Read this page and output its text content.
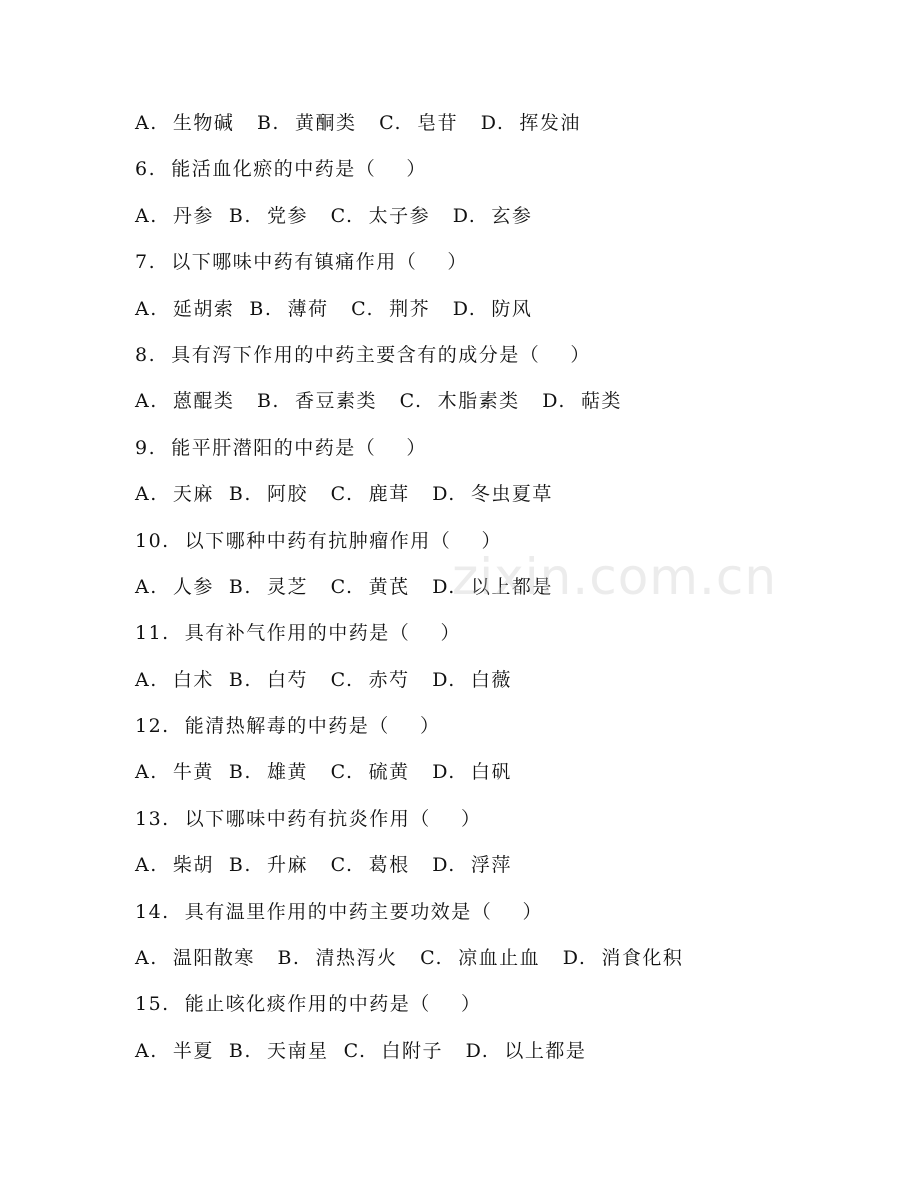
A.  生物碱   B.  黄酮类   C.  皂苷   D.  挥发油
6.  能活血化瘀的中药是（    ）
A.  丹参  B.  党参   C.  太子参   D.  玄参
7.  以下哪味中药有镇痛作用（    ）
A.  延胡索  B.  薄荷   C.  荆芥   D.  防风
8.  具有泻下作用的中药主要含有的成分是（    ）
A.  蒽醌类   B.  香豆素类   C.  木脂素类   D.  萜类
9.  能平肝潜阳的中药是（    ）
A.  天麻  B.  阿胶   C.  鹿茸   D.  冬虫夏草
10.  以下哪种中药有抗肿瘤作用（    ）
A.  人参  B.  灵芝   C.  黄芪   D.  以上都是
11.  具有补气作用的中药是（    ）
A.  白术  B.  白芍   C.  赤芍   D.  白薇
12.  能清热解毒的中药是（    ）
A.  牛黄  B.  雄黄   C.  硫黄   D.  白矾
13.  以下哪味中药有抗炎作用（    ）
A.  柴胡  B.  升麻   C.  葛根   D.  浮萍
14.  具有温里作用的中药主要功效是（    ）
A.  温阳散寒   B.  清热泻火   C.  凉血止血   D.  消食化积
15.  能止咳化痰作用的中药是（    ）
A.  半夏  B.  天南星  C.  白附子   D.  以上都是
zixin.com.cn
